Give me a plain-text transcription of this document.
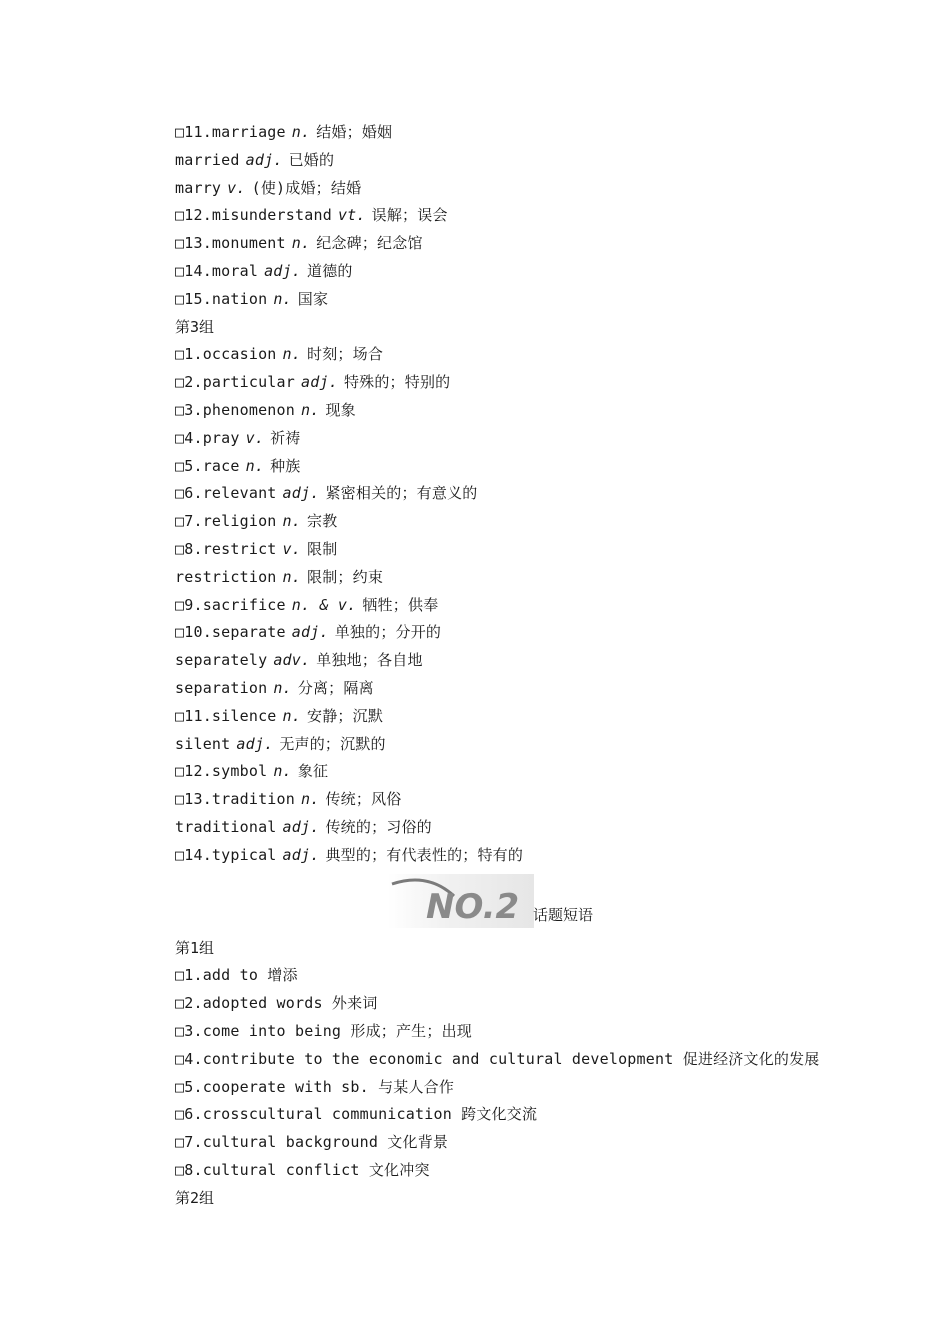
□11.marriage n. 结婚；婚姻
married adj. 已婚的
marry v. (使)成婚；结婚
□12.misunderstand vt. 误解；误会
□13.monument n. 纪念碑；纪念馆
□14.moral adj. 道德的
□15.nation n. 国家
第3组
□1.occasion n. 时刻；场合
□2.particular adj. 特殊的；特别的
□3.phenomenon n. 现象
□4.pray v. 祈祷
□5.race n. 种族
□6.relevant adj. 紧密相关的；有意义的
□7.religion n. 宗教
□8.restrict v. 限制
restriction n. 限制；约束
□9.sacrifice n. & v. 牺牲；供奉
□10.separate adj. 单独的；分开的
separately adv. 单独地；各自地
separation n. 分离；隔离
□11.silence n. 安静；沉默
silent adj. 无声的；沉默的
□12.symbol n. 象征
□13.tradition n. 传统；风俗
traditional adj. 传统的；习俗的
□14.typical adj. 典型的；有代表性的；特有的
NO.2 话题短语
第1组
□1.add to 增添
□2.adopted words 外来词
□3.come into being 形成；产生；出现
□4.contribute to the economic and cultural development 促进经济文化的发展
□5.cooperate with sb. 与某人合作
□6.crosscultural communication 跨文化交流
□7.cultural background 文化背景
□8.cultural conflict 文化冲突
第2组
